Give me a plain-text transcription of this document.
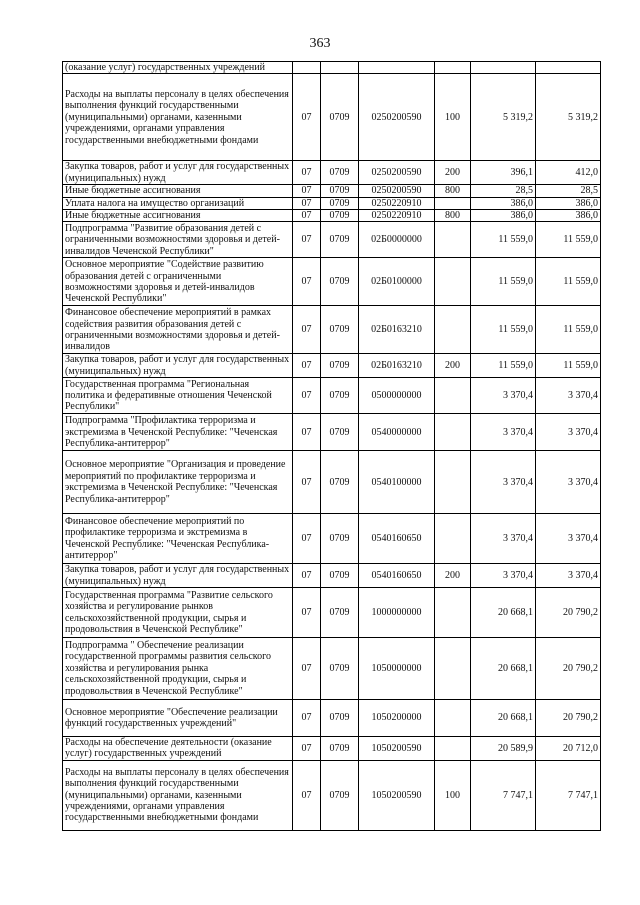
363
(оказание услуг) государственных учреждений						
Расходы на выплаты персоналу в целях обеспечения выполнения функций государственными (муниципальными) органами, казенными учреждениями, органами управления государственными внебюджетными фондами	07	0709	0250200590	100	5 319,2	5 319,2
Закупка товаров, работ и услуг для государственных (муниципальных) нужд	07	0709	0250200590	200	396,1	412,0
Иные бюджетные ассигнования	07	0709	0250200590	800	28,5	28,5
Уплата налога на имущество организаций	07	0709	0250220910		386,0	386,0
Иные бюджетные ассигнования	07	0709	0250220910	800	386,0	386,0
Подпрограмма "Развитие образования детей с ограниченными возможностями здоровья и детей-инвалидов Чеченской Республики"	07	0709	02Б0000000		11 559,0	11 559,0
Основное мероприятие "Содействие развитию образования детей с ограниченными возможностями здоровья и детей-инвалидов Чеченской Республики"	07	0709	02Б0100000		11 559,0	11 559,0
Финансовое обеспечение мероприятий в рамках содействия развития образования детей с ограниченными возможностями здоровья и детей-инвалидов	07	0709	02Б0163210		11 559,0	11 559,0
Закупка товаров, работ и услуг для государственных (муниципальных) нужд	07	0709	02Б0163210	200	11 559,0	11 559,0
Государственная программа "Региональная политика и федеративные отношения Чеченской Республики"	07	0709	0500000000		3 370,4	3 370,4
Подпрограмма "Профилактика терроризма и экстремизма в Чеченской Республике: "Чеченская Республика-антитеррор"	07	0709	0540000000		3 370,4	3 370,4
Основное мероприятие "Организация и проведение мероприятий по профилактике терроризма и экстремизма в Чеченской Республике: "Чеченская Республика-антитеррор"	07	0709	0540100000		3 370,4	3 370,4
Финансовое обеспечение мероприятий по профилактике терроризма и экстремизма в Чеченской Республике: "Чеченская Республика-антитеррор"	07	0709	0540160650		3 370,4	3 370,4
Закупка товаров, работ и услуг для государственных (муниципальных) нужд	07	0709	0540160650	200	3 370,4	3 370,4
Государственная программа "Развитие сельского хозяйства и регулирование рынков сельскохозяйственной продукции, сырья и продовольствия в Чеченской Республике"	07	0709	1000000000		20 668,1	20 790,2
Подпрограмма " Обеспечение реализации государственной программы развития сельского хозяйства и регулирования рынка сельскохозяйственной продукции, сырья и продовольствия в Чеченской Республике"	07	0709	1050000000		20 668,1	20 790,2
Основное мероприятие "Обеспечение реализации функций государственных учреждений"	07	0709	1050200000		20 668,1	20 790,2
Расходы на обеспечение деятельности (оказание услуг) государственных учреждений	07	0709	1050200590		20 589,9	20 712,0
Расходы на выплаты персоналу в целях обеспечения выполнения функций государственными (муниципальными) органами, казенными учреждениями, органами управления государственными внебюджетными фондами	07	0709	1050200590	100	7 747,1	7 747,1
